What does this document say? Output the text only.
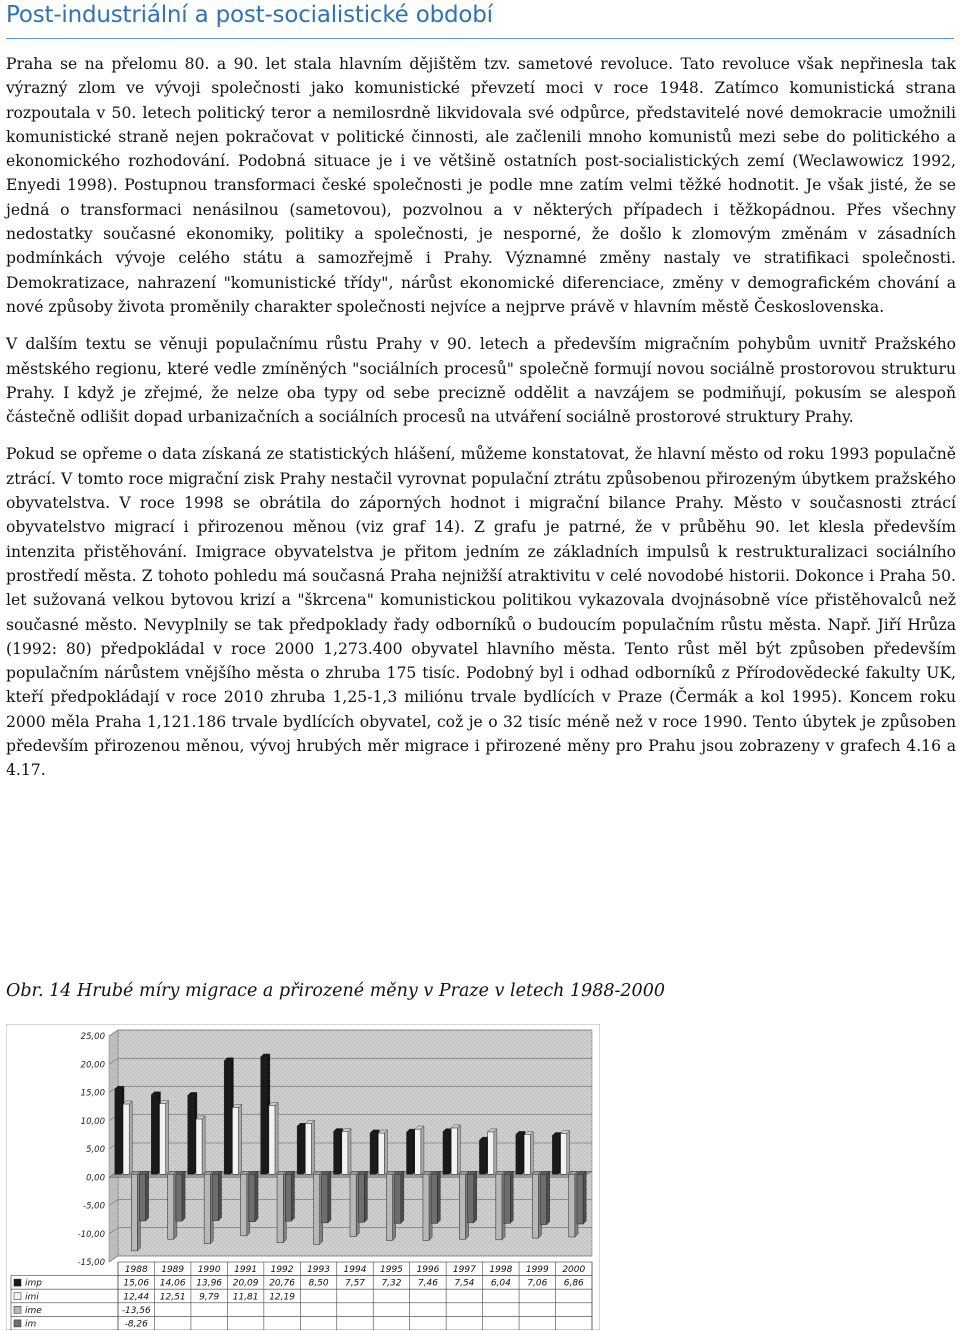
Post-industriální a post-socialistické období

Praha se na přelomu 80. a 90. let stala hlavním dějištěm tzv. sametové revoluce. Tato revoluce však nepřinesla tak výrazný zlom ve vývoji společnosti jako komunistické převzetí moci v roce 1948. Zatímco komunistická strana rozpoutala v 50. letech politický teror a nemilosrdně likvidovala své odpůrce, představitelé nové demokracie umožnili komunistické straně nejen pokračovat v politické činnosti, ale začlenili mnoho komunistů mezi sebe do politického a ekonomického rozhodování. Podobná situace je i ve většině ostatních post-socialistických zemí (Weclawowicz 1992, Enyedi 1998). Postupnou transformaci české společnosti je podle mne zatím velmi těžké hodnotit. Je však jisté, že se jedná o transformaci nenásilnou (sametovou), pozvolnou a v některých případech i těžkopádnou. Přes všechny nedostatky současné ekonomiky, politiky a společnosti, je nesporné, že došlo k zlomovým změnám v zásadních podmínkách vývoje celého státu a samozřejmě i Prahy. Významné změny nastaly ve stratifikaci společnosti. Demokratizace, nahrazení "komunistické třídy", nárůst ekonomické diferenciace, změny v demografickém chování a nové způsoby života proměnily charakter společnosti nejvíce a nejprve právě v hlavním městě Československa.

V dalším textu se věnuji populačnímu růstu Prahy v 90. letech a především migračním pohybům uvnitř Pražského městského regionu, které vedle zmíněných "sociálních procesů" společně formují novou sociálně prostorovou strukturu Prahy. I když je zřejmé, že nelze oba typy od sebe precizně oddělit a navzájem se podmiňují, pokusím se alespoň částečně odlišit dopad urbanizačních a sociálních procesů na utváření sociálně prostorové struktury Prahy.

Pokud se opřeme o data získaná ze statistických hlášení, můžeme konstatovat, že hlavní město od roku 1993 populačně ztrácí. V tomto roce migrační zisk Prahy nestačil vyrovnat populační ztrátu způsobenou přirozeným úbytkem pražského obyvatelstva. V roce 1998 se obrátila do záporných hodnot i migrační bilance Prahy. Město v současnosti ztrácí obyvatelstvo migrací i přirozenou měnou (viz graf 14). Z grafu je patrné, že v průběhu 90. let klesla především intenzita přistěhování. Imigrace obyvatelstva je přitom jedním ze základních impulsů k restrukturalizaci sociálního prostředí města. Z tohoto pohledu má současná Praha nejnižší atraktivitu v celé novodobé historii. Dokonce i Praha 50. let sužovaná velkou bytovou krizí a "škrcena" komunistickou politikou vykazovala dvojnásobně více přistěhovalců než současné město. Nevyplnily se tak předpoklady řady odborníků o budoucím populačním růstu města. Např. Jiří Hrůza (1992: 80) předpokládal v roce 2000 1,273.400 obyvatel hlavního města. Tento růst měl být způsoben především populačním nárůstem vnějšího města o zhruba 175 tisíc. Podobný byl i odhad odborníků z Přírodovědecké fakulty UK, kteří předpokládají v roce 2010 zhruba 1,25-1,3 miliónu trvale bydlících v Praze (Čermák a kol 1995). Koncem roku 2000 měla Praha 1,121.186 trvale bydlících obyvatel, což je o 32 tisíc méně než v roce 1990. Tento úbytek je způsoben především přirozenou měnou, vývoj hrubých měr migrace i přirozené měny pro Prahu jsou zobrazeny v grafech 4.16 a 4.17.

Obr. 14 Hrubé míry migrace a přirozené měny v Praze v letech 1988-2000

25,00
20,00
15,00
10,00
5,00
0,00
-5,00
-10,00
-15,00
1988 1989 1990 1991 1992 1993 1994 1995 1996 1997 1998 1999 2000
imp	15,06 14,06 13,96 20,09 20,76 8,50 7,57 7,32 7,46 7,54 6,04 7,06 6,86
imi	12,44 12,51 9,79 11,81 12,19
ime	-13,56
im	-8,26
